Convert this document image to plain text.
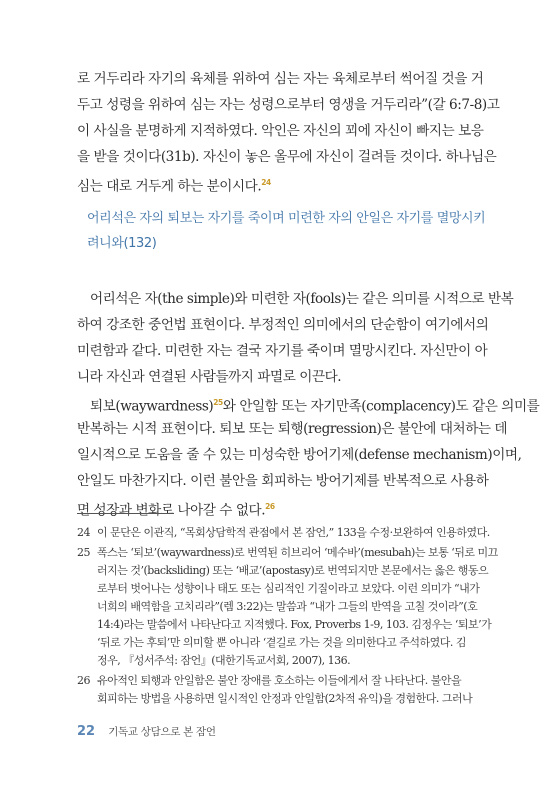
로 거두리라 자기의 육체를 위하여 심는 자는 육체로부터 썩어질 것을 거
두고 성령을 위하여 심는 자는 성령으로부터 영생을 거두리라”(갈 6:7-8)고
이 사실을 분명하게 지적하였다. 악인은 자신의 꾀에 자신이 빠지는 보응
을 받을 것이다(31b). 자신이 놓은 올무에 자신이 걸려들 것이다. 하나님은
심는 대로 거두게 하는 분이시다.$^{24}$
어리석은 자의 퇴보는 자기를 죽이며 미련한 자의 안일은 자기를 멸망시키
려니와(132)
어리석은 자(the simple)와 미련한 자(fools)는 같은 의미를 시적으로 반복
하여 강조한 중언법 표현이다. 부정적인 의미에서의 단순함이 여기에서의
미련함과 같다. 미련한 자는 결국 자기를 죽이며 멸망시킨다. 자신만이 아
니라 자신과 연결된 사람들까지 파멸로 이끈다.
퇴보(waywardness)$^{25}$와 안일함 또는 자기만족(complacency)도 같은 의미를
반복하는 시적 표현이다. 퇴보 또는 퇴행(regression)은 불안에 대처하는 데
일시적으로 도움을 줄 수 있는 미성숙한 방어기제(defense mechanism)이며,
안일도 마찬가지다. 이런 불안을 회피하는 방어기제를 반복적으로 사용하
면 성장과 변화로 나아갈 수 없다.$^{26}$
24 이 문단은 이관직, “목회상담학적 관점에서 본 잠언,” 133을 수정·보완하여 인용하였다.
25 폭스는 ‘퇴보’(waywardness)로 번역된 히브리어 ‘메수바’(mesubah)는 보통 ‘뒤로 미끄
러지는 것’(backsliding) 또는 ‘배교’(apostasy)로 번역되지만 본문에서는 옳은 행동으
로부터 벗어나는 성향이나 태도 또는 심리적인 기질이라고 보았다. 이런 의미가 “내가
너희의 배역함을 고치리라”(렘 3:22)는 말씀과 “내가 그들의 반역을 고칠 것이라”(호
14:4)라는 말씀에서 나타난다고 지적했다. Fox, Proverbs 1-9, 103. 김정우는 ‘퇴보’가
‘뒤로 가는 후퇴’만 의미할 뿐 아니라 ‘곁길로 가는 것을 의미한다고 주석하였다. 김
정우, 『성서주석: 잠언』(대한기독교서회, 2007), 136.
26 유아적인 퇴행과 안일함은 불안 장애를 호소하는 이들에게서 잘 나타난다. 불안을
회피하는 방법을 사용하면 일시적인 안정과 안일함(2차적 유익)을 경험한다. 그러나
22 기독교 상담으로 본 잠언
